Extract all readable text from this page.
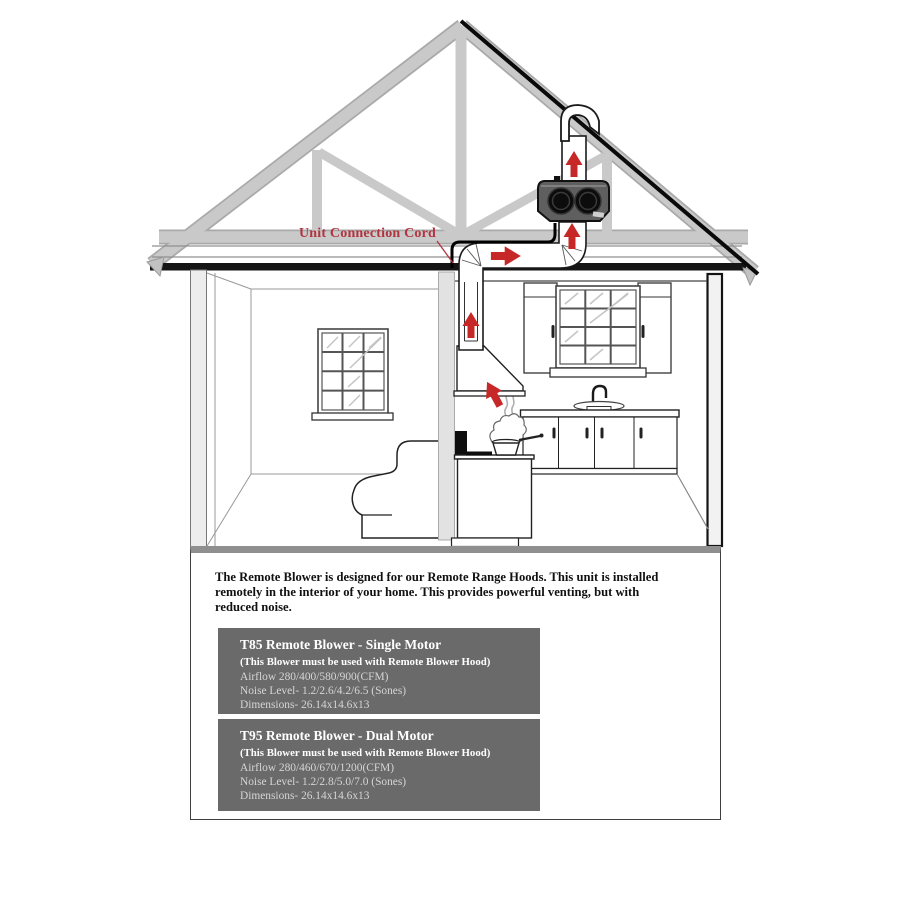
Unit Connection Cord
The Remote Blower is designed for our Remote Range Hoods. This unit is installed
remotely in the interior of your home. This provides powerful venting, but with
reduced noise.
T85 Remote Blower - Single Motor
(This Blower must be used with Remote Blower Hood)
Airflow 280/400/580/900(CFM)
Noise Level- 1.2/2.6/4.2/6.5 (Sones)
Dimensions- 26.14x14.6x13
T95 Remote Blower - Dual Motor
(This Blower must be used with Remote Blower Hood)
Airflow 280/460/670/1200(CFM)
Noise Level- 1.2/2.8/5.0/7.0 (Sones)
Dimensions- 26.14x14.6x13
